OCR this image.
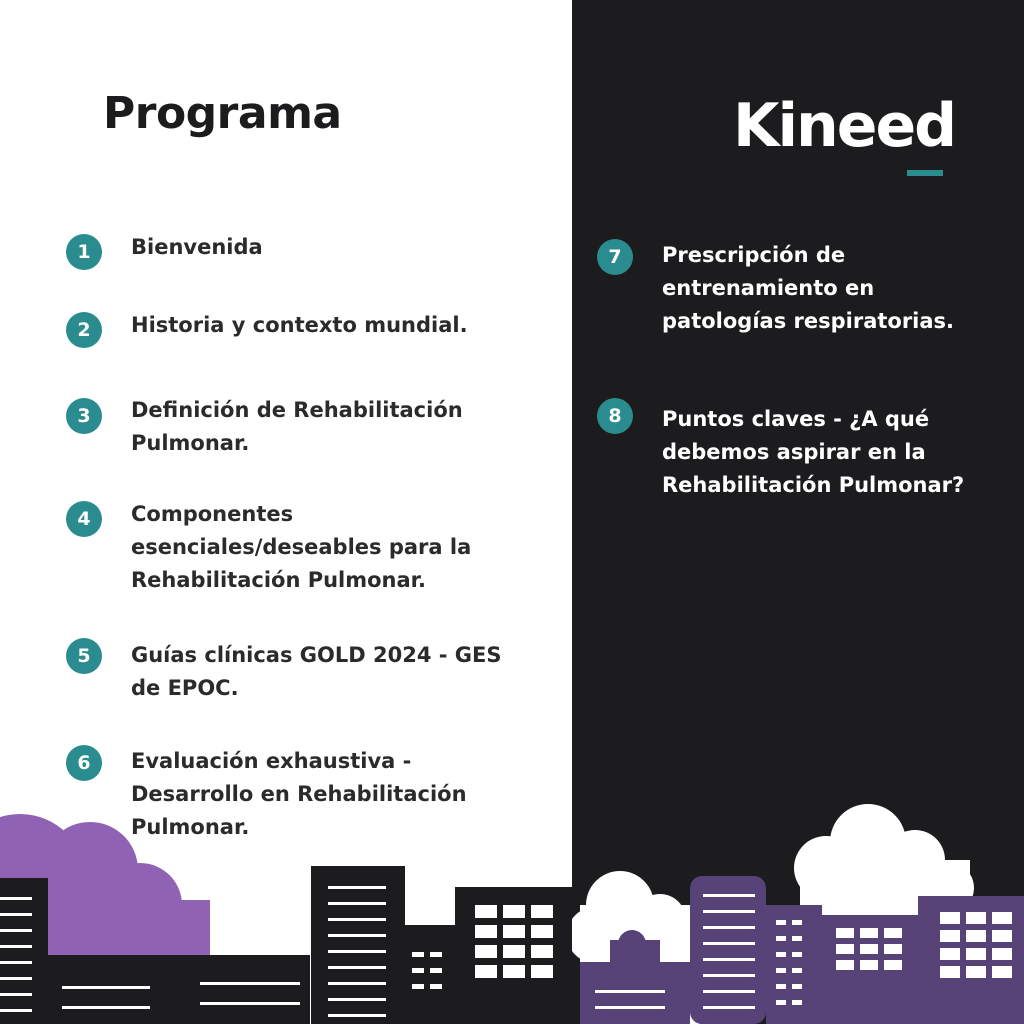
Programa	Kineed
1	Bienvenida
2	Historia y contexto mundial.
3	Definición de Rehabilitación Pulmonar.
4	Componentes esenciales/deseables para la Rehabilitación Pulmonar.
5	Guías clínicas GOLD 2024 - GES de EPOC.
6	Evaluación exhaustiva - Desarrollo en Rehabilitación Pulmonar.
7	Prescripción de entrenamiento en patologías respiratorias.
8	Puntos claves - ¿A qué debemos aspirar en la Rehabilitación Pulmonar?
